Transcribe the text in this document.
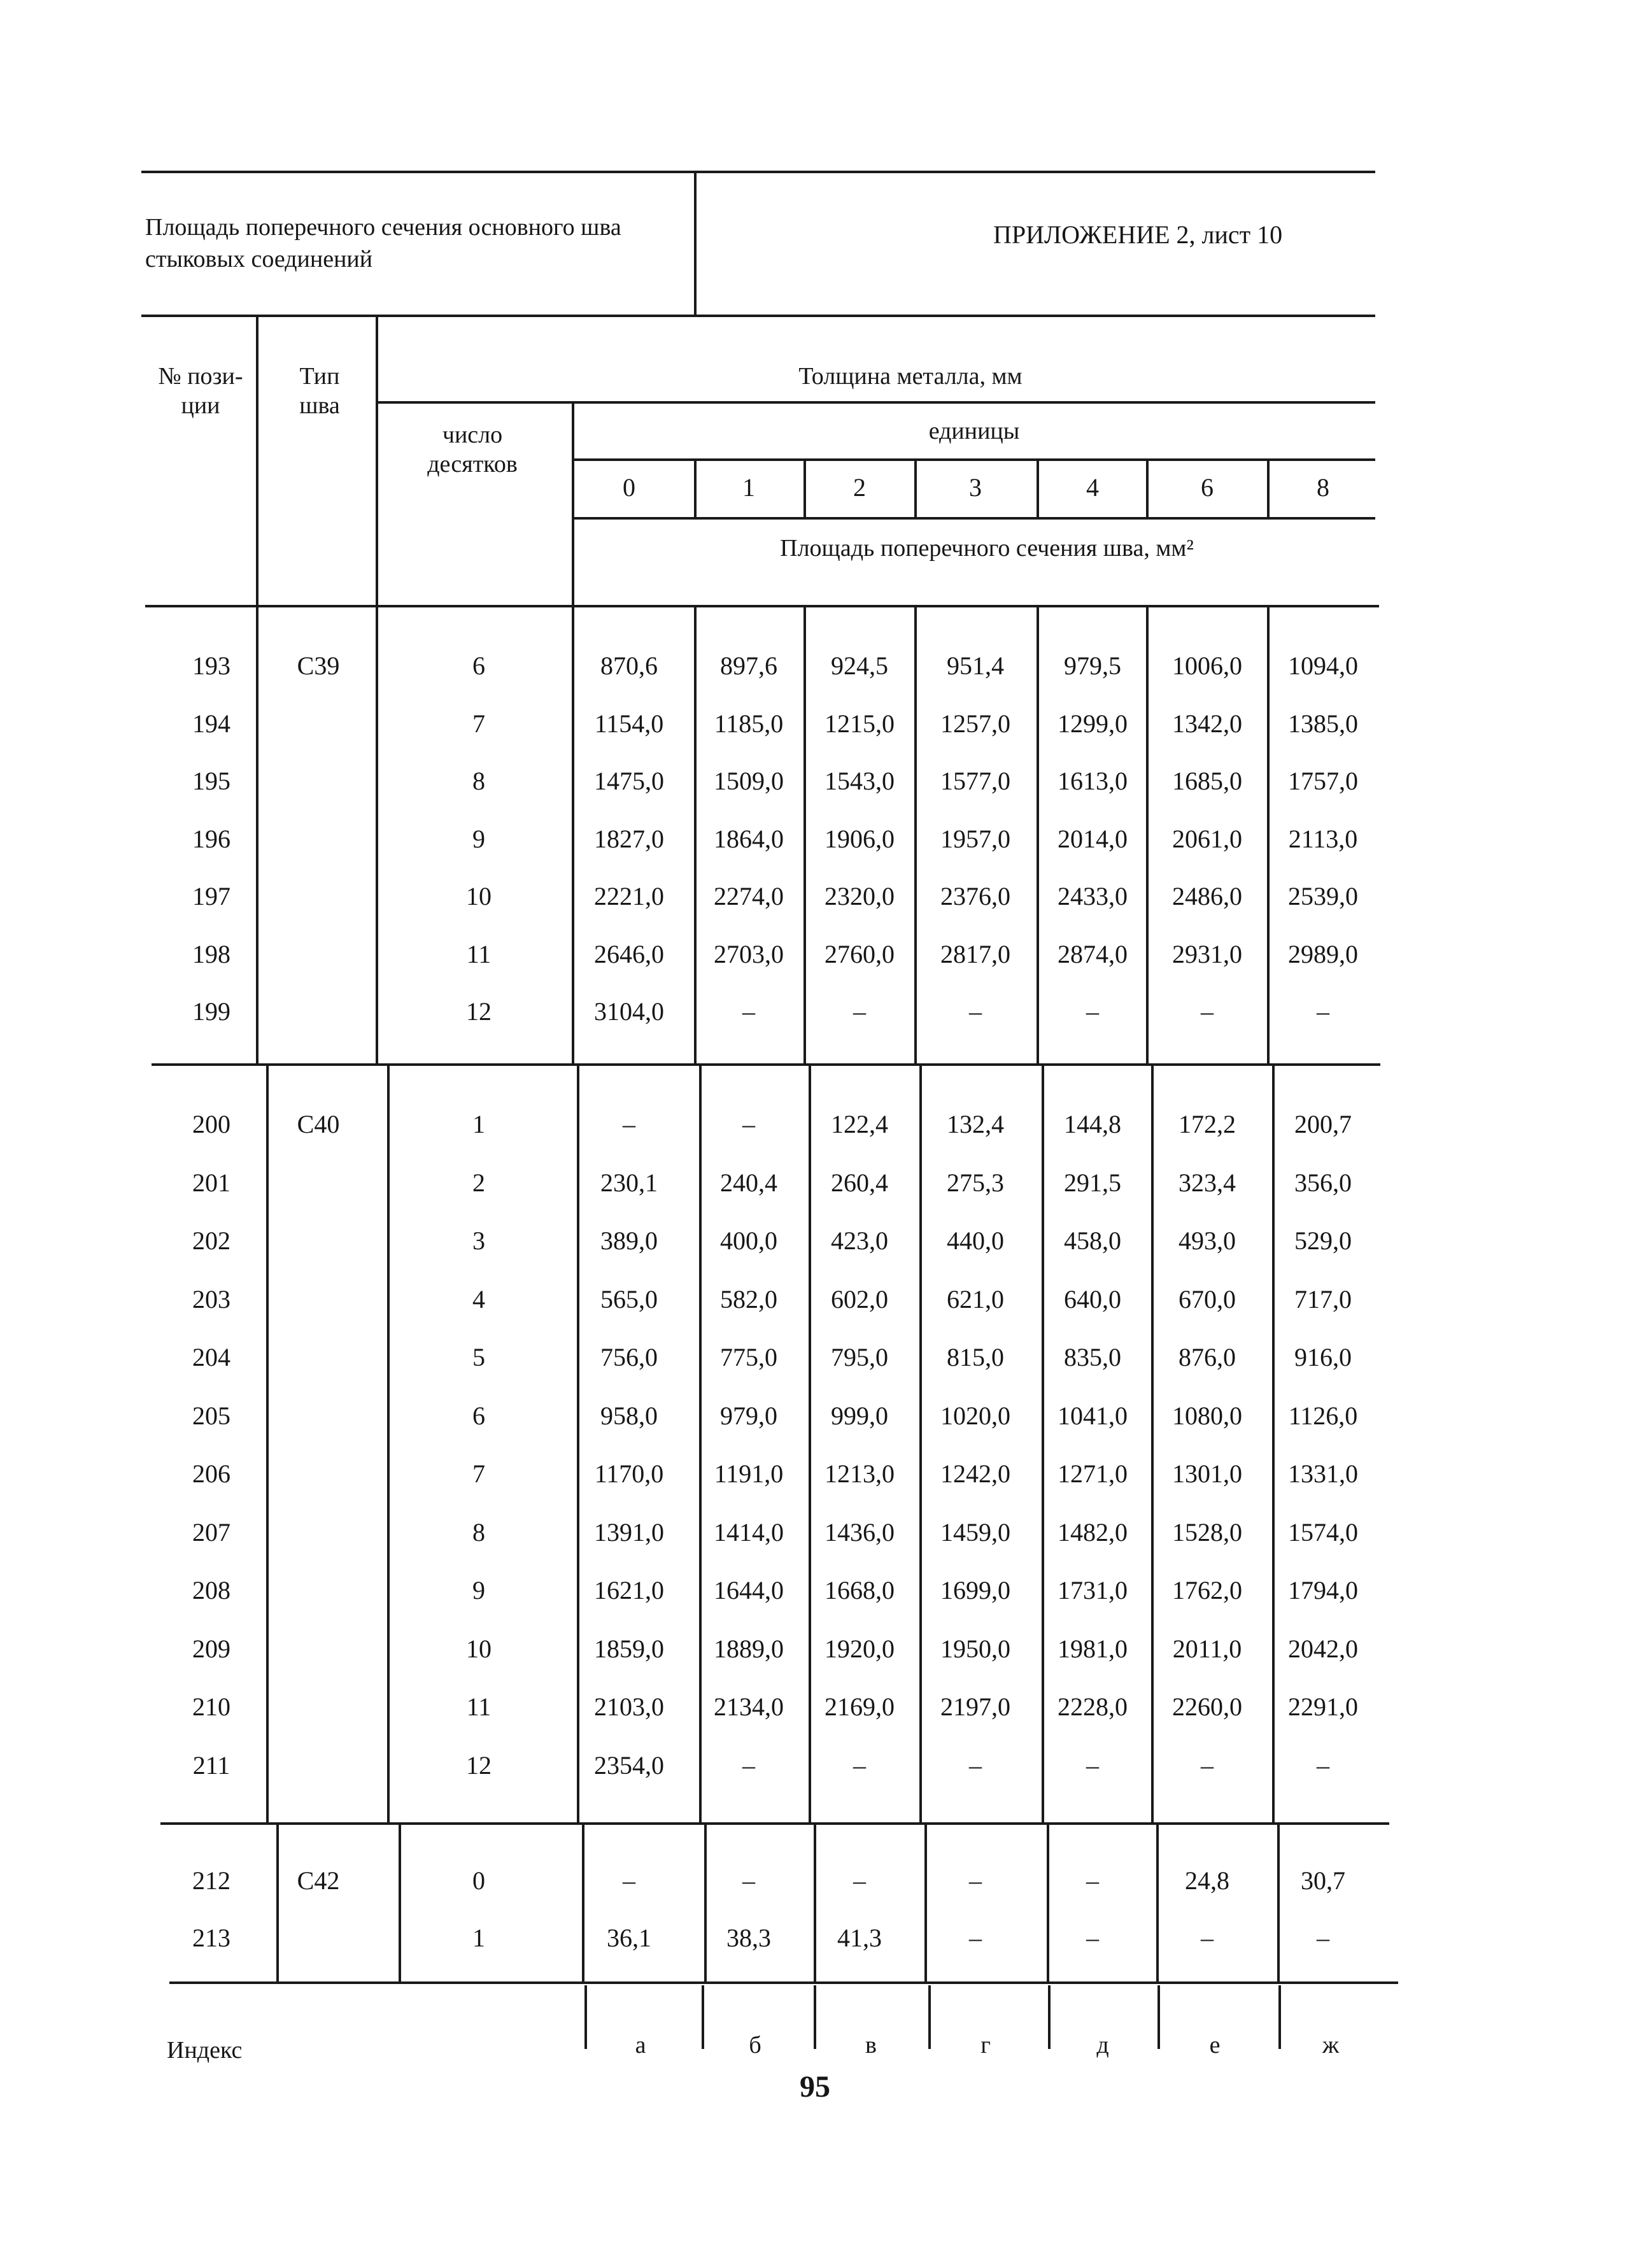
Площадь поперечного сечения основного шва стыковых соединений
ПРИЛОЖЕНИЕ 2, лист 10
№ пози-ции
Тип шва
Толщина металла, мм
число десятков
единицы
Площадь поперечного сечения шва, мм²
0	1	2	3	4	6	8
С39
193	6	870,6	897,6	924,5	951,4	979,5	1006,0	1094,0
194	7	1154,0	1185,0	1215,0	1257,0	1299,0	1342,0	1385,0
195	8	1475,0	1509,0	1543,0	1577,0	1613,0	1685,0	1757,0
196	9	1827,0	1864,0	1906,0	1957,0	2014,0	2061,0	2113,0
197	10	2221,0	2274,0	2320,0	2376,0	2433,0	2486,0	2539,0
198	11	2646,0	2703,0	2760,0	2817,0	2874,0	2931,0	2989,0
199	12	3104,0	–	–	–	–	–	–
С40
200	1	–	–	122,4	132,4	144,8	172,2	200,7
201	2	230,1	240,4	260,4	275,3	291,5	323,4	356,0
202	3	389,0	400,0	423,0	440,0	458,0	493,0	529,0
203	4	565,0	582,0	602,0	621,0	640,0	670,0	717,0
204	5	756,0	775,0	795,0	815,0	835,0	876,0	916,0
205	6	958,0	979,0	999,0	1020,0	1041,0	1080,0	1126,0
206	7	1170,0	1191,0	1213,0	1242,0	1271,0	1301,0	1331,0
207	8	1391,0	1414,0	1436,0	1459,0	1482,0	1528,0	1574,0
208	9	1621,0	1644,0	1668,0	1699,0	1731,0	1762,0	1794,0
209	10	1859,0	1889,0	1920,0	1950,0	1981,0	2011,0	2042,0
210	11	2103,0	2134,0	2169,0	2197,0	2228,0	2260,0	2291,0
211	12	2354,0	–	–	–	–	–	–
С42
212	0	–	–	–	–	–	24,8	30,7
213	1	36,1	38,3	41,3	–	–	–	–
Индекс	а	б	в	г	д	е	ж
95
